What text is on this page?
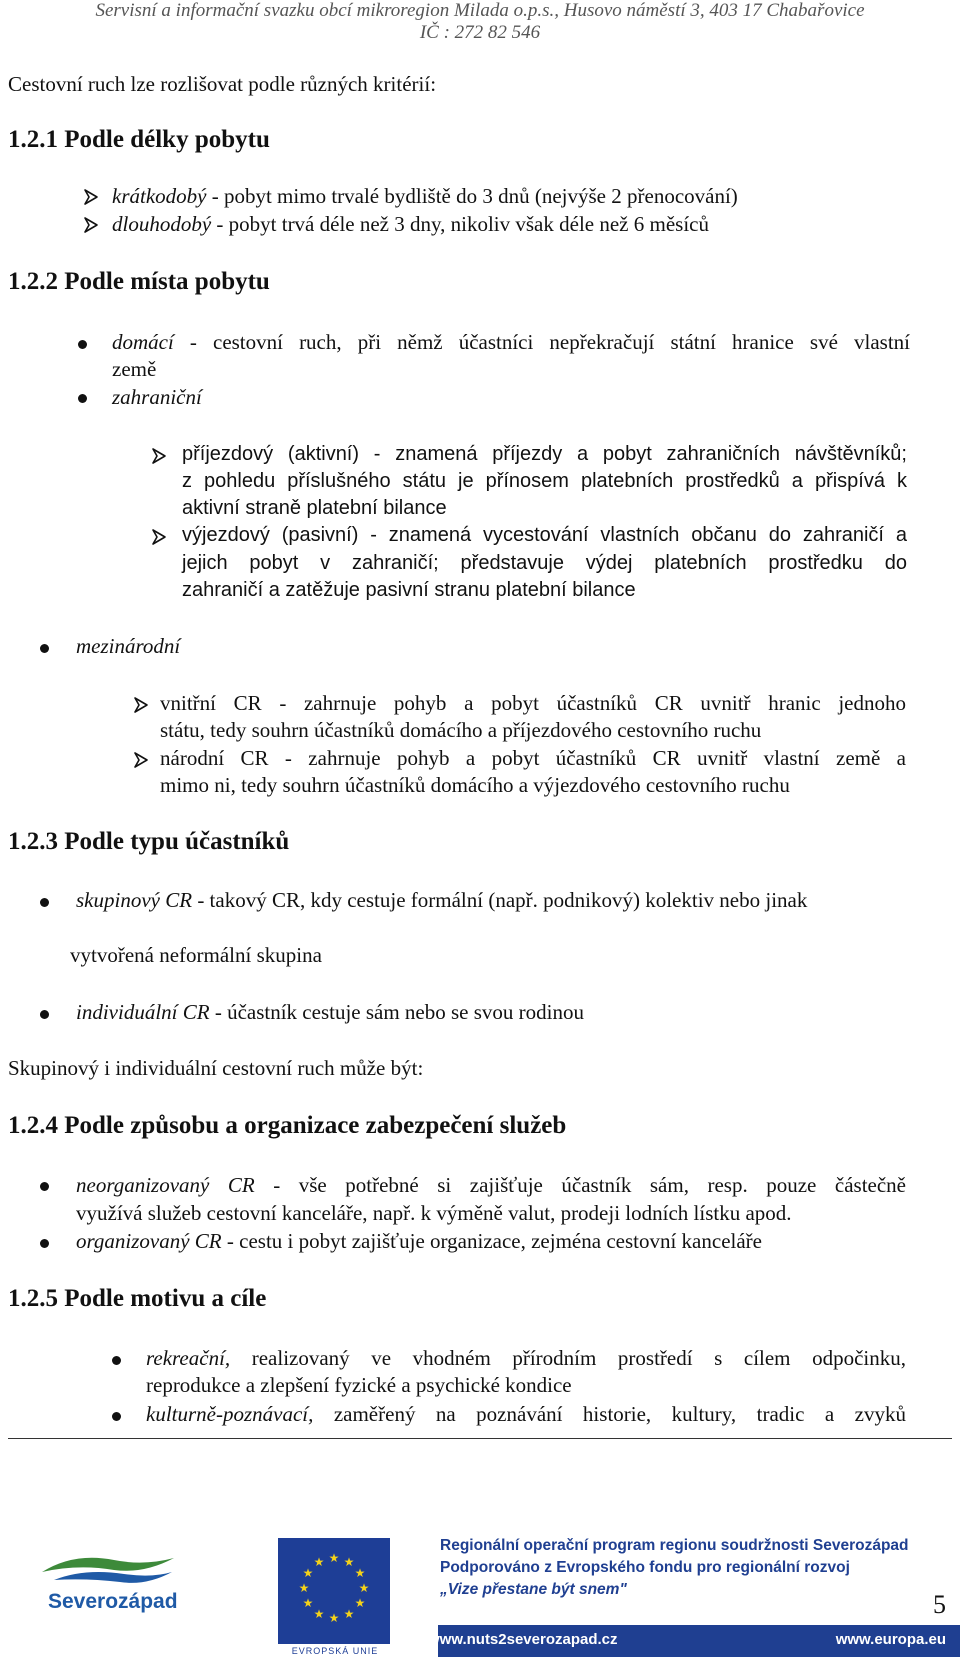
Servisní a informační svazku obcí mikroregion Milada o.p.s., Husovo náměstí 3, 403 17 Chabařovice
IČ : 272 82 546
Cestovní ruch lze rozlišovat podle různých kritérií:
1.2.1 Podle délky pobytu
krátkodobý - pobyt mimo trvalé bydliště do 3 dnů (nejvýše 2 přenocování)
dlouhodobý - pobyt trvá déle než 3 dny, nikoliv však déle než 6 měsíců
1.2.2 Podle místa pobytu
domácí - cestovní ruch, při němž účastníci nepřekračují státní hranice své vlastní
země
zahraniční
příjezdový (aktivní) - znamená příjezdy a pobyt zahraničních návštěvníků;
z pohledu příslušného státu je přínosem platebních prostředků a přispívá k
aktivní straně platební bilance
výjezdový (pasivní) - znamená vycestování vlastních občanu do zahraničí a
jejich pobyt v zahraničí; představuje výdej platebních prostředku do
zahraničí a zatěžuje pasivní stranu platební bilance
mezinárodní
vnitřní CR - zahrnuje pohyb a pobyt účastníků CR uvnitř hranic jednoho
státu, tedy souhrn účastníků domácího a příjezdového cestovního ruchu
národní CR - zahrnuje pohyb a pobyt účastníků CR uvnitř vlastní země a
mimo ni, tedy souhrn účastníků domácího a výjezdového cestovního ruchu
1.2.3 Podle typu účastníků
skupinový CR - takový CR, kdy cestuje formální (např. podnikový) kolektiv nebo jinak
vytvořená neformální skupina
individuální CR - účastník cestuje sám nebo se svou rodinou
Skupinový i individuální cestovní ruch může být:
1.2.4 Podle způsobu a organizace zabezpečení služeb
neorganizovaný CR - vše potřebné si zajišťuje účastník sám, resp. pouze částečně
využívá služeb cestovní kanceláře, např. k výměně valut, prodeji lodních lístku apod.
organizovaný CR - cestu i pobyt zajišťuje organizace, zejména cestovní kanceláře
1.2.5 Podle motivu a cíle
rekreační, realizovaný ve vhodném přírodním prostředí s cílem odpočinku,
reprodukce a zlepšení fyzické a psychické kondice
kulturně-poznávací, zaměřený na poznávání historie, kultury, tradic a zvyků
Severozápad
★ ★
★
★
★
★
★
★
★
★
★
★
EVROPSKÁ UNIE
Regionální operační program regionu soudržnosti Severozápad
Podporováno z Evropského fondu pro regionální rozvoj
„Vize přestane být snem"
5
www.nuts2severozapad.cz	www.europa.eu
